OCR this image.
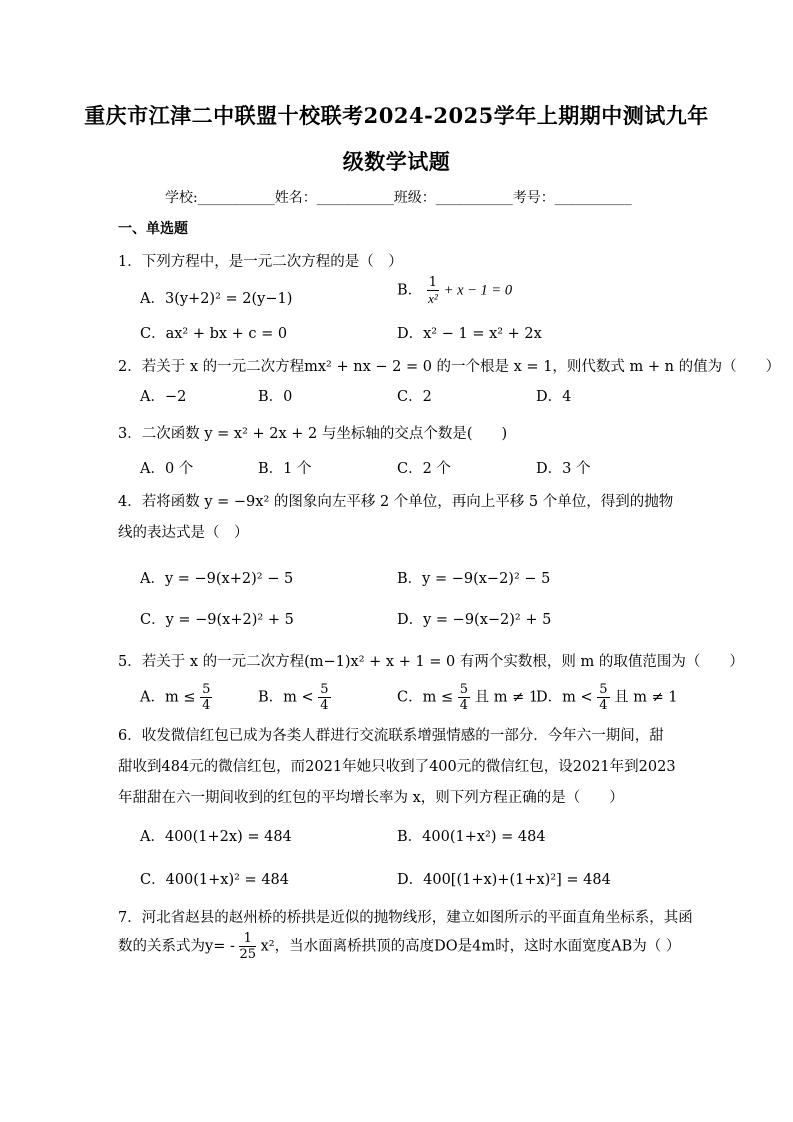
重庆市江津二中联盟十校联考2024-2025学年上期期中测试九年
级数学试题
学校:___________姓名：___________班级：___________考号：___________
一、单选题
1．下列方程中，是一元二次方程的是（　）
A．3(y+2)² = 2(y−1)
B． $\frac{1}{\text{x²}} + x - 1 = 0$
C．ax² + bx + c = 0	D．x² − 1 = x² + 2x
2．若关于 x 的一元二次方程mx² + nx − 2 = 0 的一个根是 x = 1，则代数式 m + n 的值为（　　）
A．−2	B．0	C．2	D．4
3．二次函数 y = x² + 2x + 2 与坐标轴的交点个数是(　　)
A．0 个	B．1 个	C．2 个	D．3 个
4．若将函数 y = −9x² 的图象向左平移 2 个单位，再向上平移 5 个单位，得到的抛物线的表达式是（　）
A．y = −9(x+2)² − 5	B．y = −9(x−2)² − 5
C．y = −9(x+2)² + 5	D．y = −9(x−2)² + 5
5．若关于 x 的一元二次方程(m−1)x² + x + 1 = 0 有两个实数根，则 m 的取值范围为（　　）
A．$m \le \frac{5}{4}$	B．$m < \frac{5}{4}$	C．$m \le \frac{5}{4}$ 且 m ≠ 1
D．$m < \frac{5}{4}$ 且 m ≠ 1
6．收发微信红包已成为各类人群进行交流联系增强情感的一部分．今年六一期间，甜甜收到484元的微信红包，而2021年她只收到了400元的微信红包，设2021年到2023年甜甜在六一期间收到的红包的平均增长率为 x，则下列方程正确的是（　　）
A．400(1+2x) = 484	B．400(1+x²) = 484
C．400(1+x)² = 484	D．400[(1+x)+(1+x)²] = 484
7．河北省赵县的赵州桥的桥拱是近似的抛物线形，建立如图所示的平面直角坐标系，其函
数的关系式为$y= - \frac{1}{25} x^2$，当水面离桥拱顶的高度DO是4m时，这时水面宽度AB为（ ）
